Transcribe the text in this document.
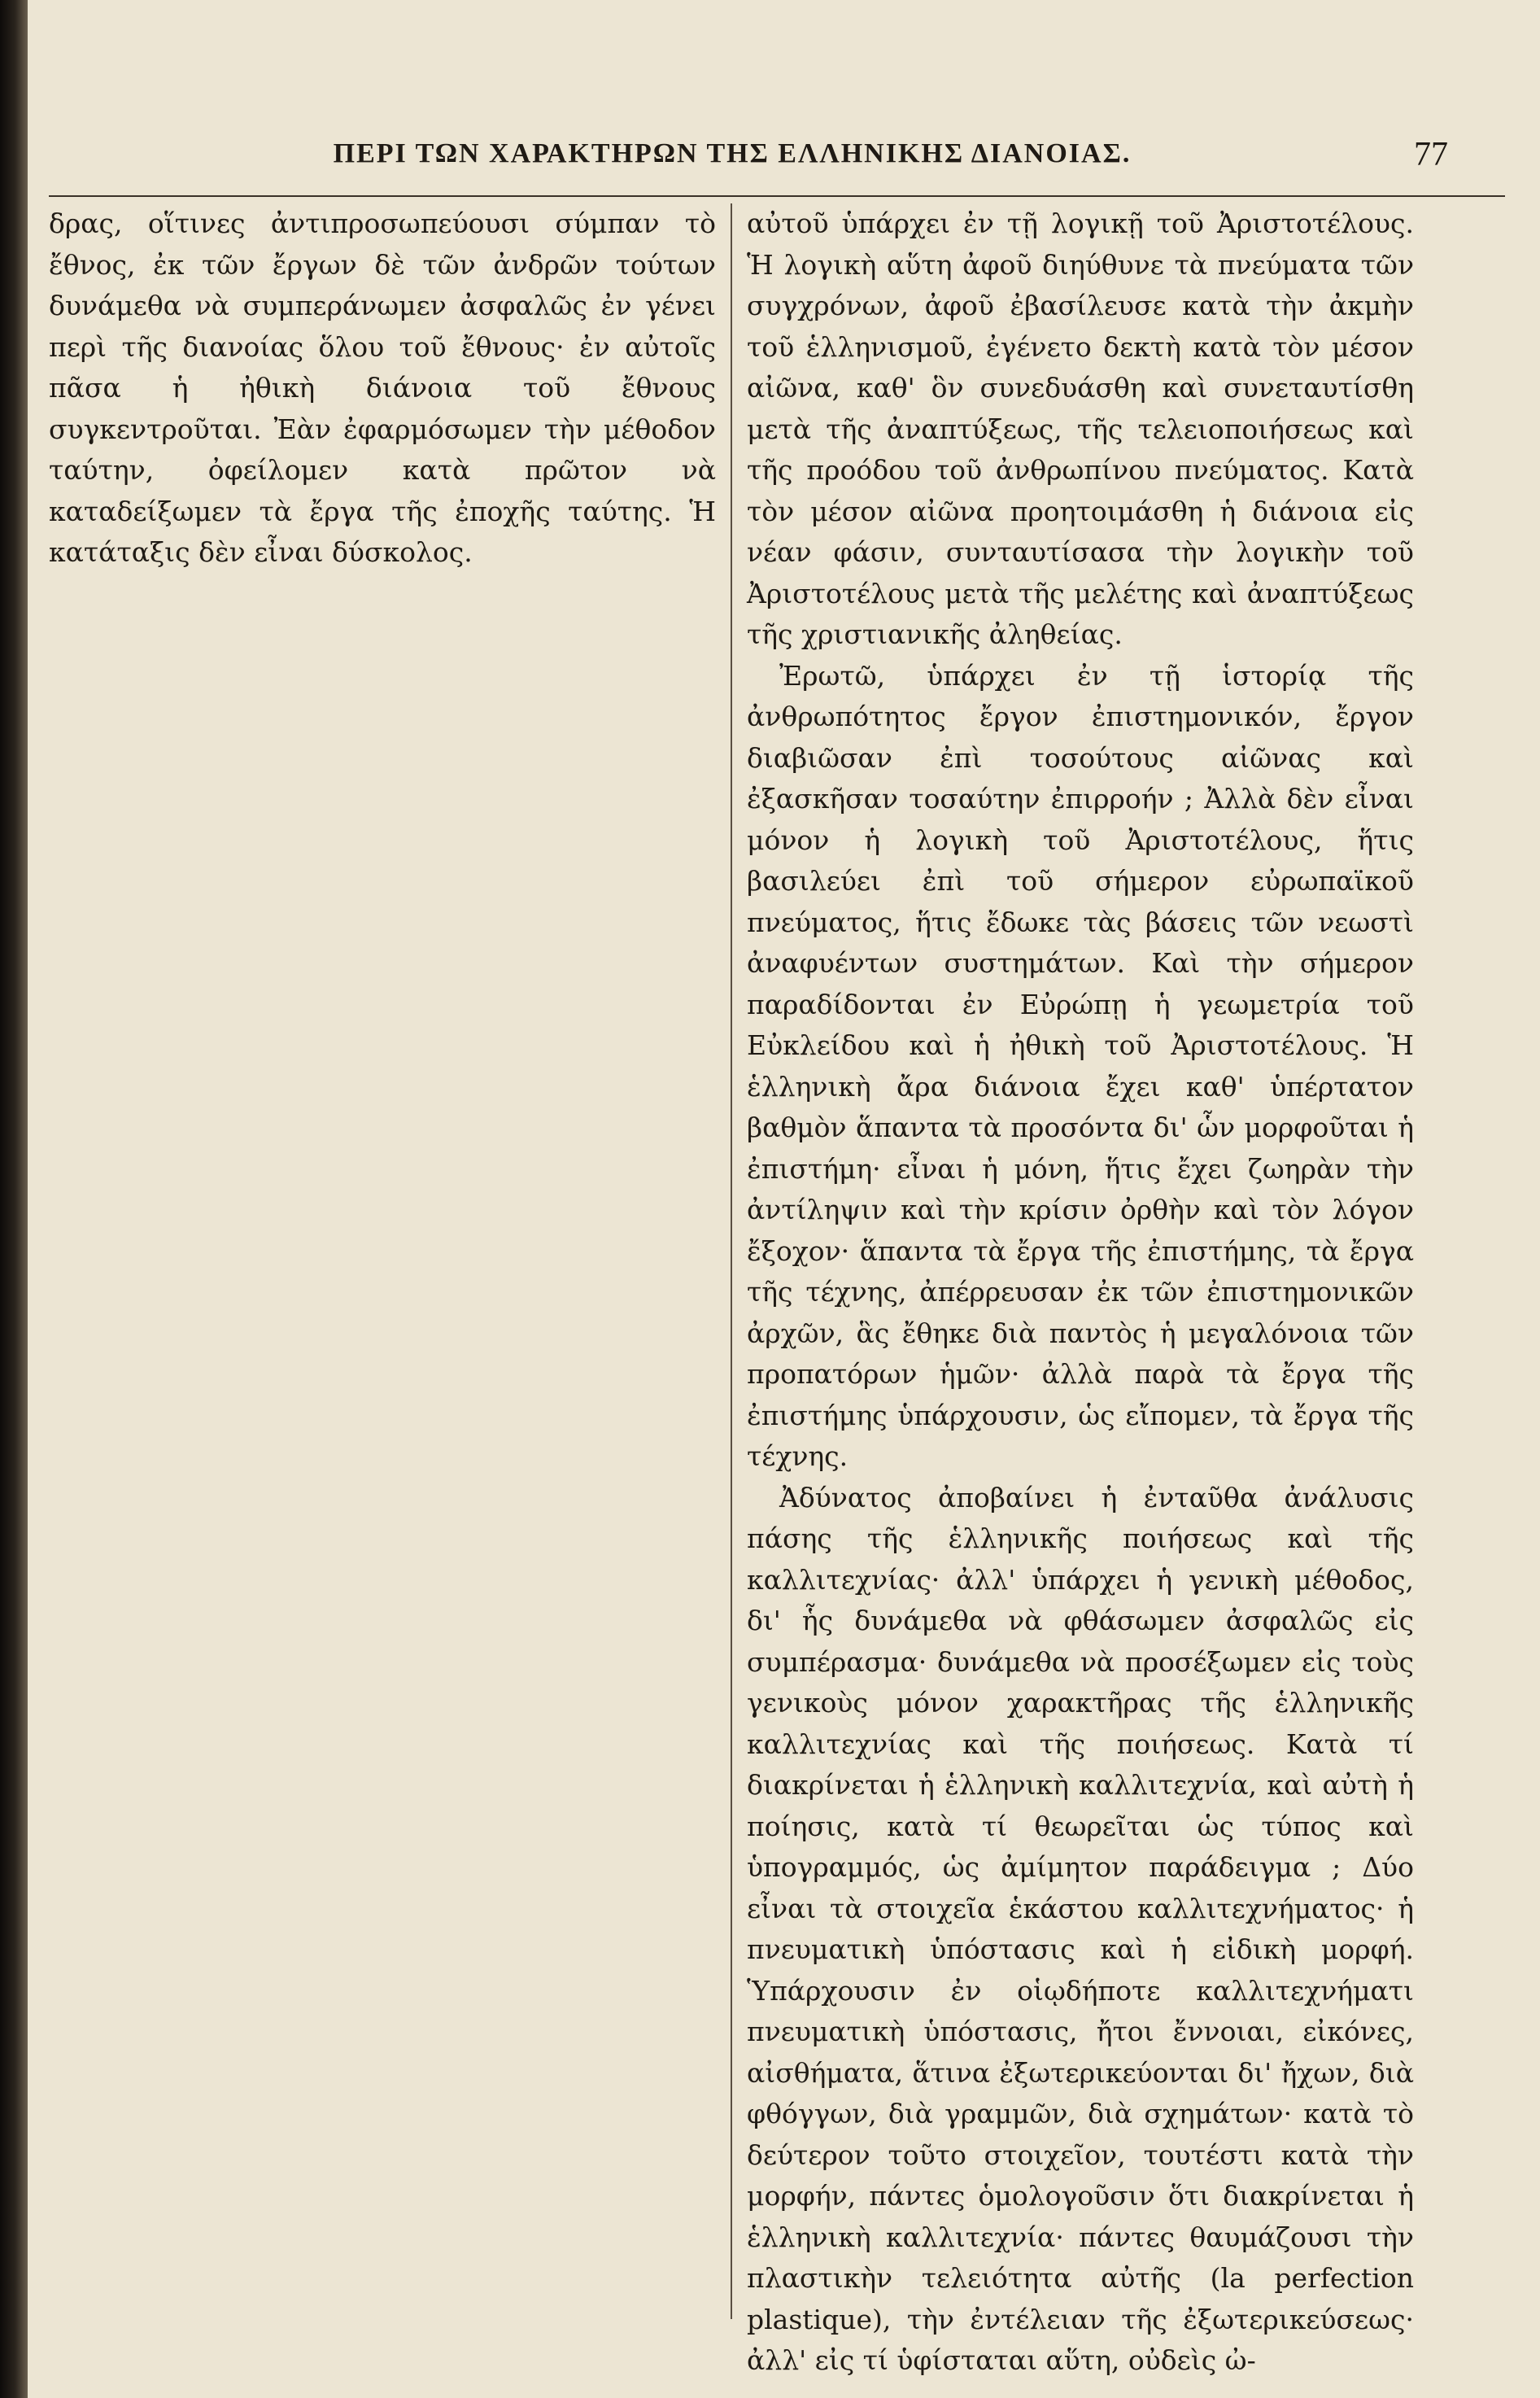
ΠΕΡΙ ΤΩΝ ΧΑΡΑΚΤΗΡΩΝ ΤΗΣ ΕΛΛΗΝΙΚΗΣ ΔΙΑΝΟΙΑΣ.	77

δρας, οἵτινες ἀντιπροσωπεύουσι σύμπαν τὸ ἔθνος, ἐκ τῶν ἔργων δὲ τῶν ἀνδρῶν τούτων δυνάμεθα νὰ συμπεράνωμεν ἀσφαλῶς ἐν γένει περὶ τῆς διανοίας ὅλου τοῦ ἔθνους· ἐν αὐτοῖς πᾶσα ἡ ἠθικὴ διάνοια τοῦ ἔθνους συγκεντροῦται. Ἐὰν ἐφαρμόσωμεν τὴν μέθοδον ταύτην, ὀφείλομεν κατὰ πρῶτον νὰ καταδείξωμεν τὰ ἔργα τῆς ἐποχῆς ταύτης. Ἡ κατάταξις δὲν εἶναι δύσκολος.

αὐτοῦ ὑπάρχει ἐν τῇ λογικῇ τοῦ Ἀριστοτέλους. Ἡ λογικὴ αὕτη ἀφοῦ διηύθυνε τὰ πνεύματα τῶν συγχρόνων, ἀφοῦ ἐβασίλευσε κατὰ τὴν ἀκμὴν τοῦ ἑλληνισμοῦ, ἐγένετο δεκτὴ κατὰ τὸν μέσον αἰῶνα, καθ' ὃν συνεδυάσθη καὶ συνεταυτίσθη μετὰ τῆς ἀναπτύξεως, τῆς τελειοποιήσεως καὶ τῆς προόδου τοῦ ἀνθρωπίνου πνεύματος. Κατὰ τὸν μέσον αἰῶνα προητοιμάσθη ἡ διάνοια εἰς νέαν φάσιν, συνταυτίσασα τὴν λογικὴν τοῦ Ἀριστοτέλους μετὰ τῆς μελέτης καὶ ἀναπτύξεως τῆς χριστιανικῆς ἀληθείας.

Ἐρωτῶ, ὑπάρχει ἐν τῇ ἱστορίᾳ τῆς ἀνθρωπότητος ἔργον ἐπιστημονικόν, ἔργον διαβιῶσαν ἐπὶ τοσούτους αἰῶνας καὶ ἐξασκῆσαν τοσαύτην ἐπιρροήν ; Ἀλλὰ δὲν εἶναι μόνον ἡ λογικὴ τοῦ Ἀριστοτέλους, ἥτις βασιλεύει ἐπὶ τοῦ σήμερον εὐρωπαϊκοῦ πνεύματος, ἥτις ἔδωκε τὰς βάσεις τῶν νεωστὶ ἀναφυέντων συστημάτων. Καὶ τὴν σήμερον παραδίδονται ἐν Εὐρώπῃ ἡ γεωμετρία τοῦ Εὐκλείδου καὶ ἡ ἠθικὴ τοῦ Ἀριστοτέλους. Ἡ ἑλληνικὴ ἄρα διάνοια ἔχει καθ' ὑπέρτατον βαθμὸν ἅπαντα τὰ προσόντα δι' ὧν μορφοῦται ἡ ἐπιστήμη· εἶναι ἡ μόνη, ἥτις ἔχει ζωηρὰν τὴν ἀντίληψιν καὶ τὴν κρίσιν ὀρθὴν καὶ τὸν λόγον ἔξοχον· ἅπαντα τὰ ἔργα τῆς ἐπιστήμης, τὰ ἔργα τῆς τέχνης, ἀπέρρευσαν ἐκ τῶν ἐπιστημονικῶν ἀρχῶν, ἃς ἔθηκε διὰ παντὸς ἡ μεγαλόνοια τῶν προπατόρων ἡμῶν· ἀλλὰ παρὰ τὰ ἔργα τῆς ἐπιστήμης ὑπάρχουσιν, ὡς εἴπομεν, τὰ ἔργα τῆς τέχνης.

Ἀδύνατος ἀποβαίνει ἡ ἐνταῦθα ἀνάλυσις πάσης τῆς ἑλληνικῆς ποιήσεως καὶ τῆς καλλιτεχνίας· ἀλλ' ὑπάρχει ἡ γενικὴ μέθοδος, δι' ἧς δυνάμεθα νὰ φθάσωμεν ἀσφαλῶς εἰς συμπέρασμα· δυνάμεθα νὰ προσέξωμεν εἰς τοὺς γενικοὺς μόνον χαρακτῆρας τῆς ἑλληνικῆς καλλιτεχνίας καὶ τῆς ποιήσεως. Κατὰ τί διακρίνεται ἡ ἑλληνικὴ καλλιτεχνία, καὶ αὐτὴ ἡ ποίησις, κατὰ τί θεωρεῖται ὡς τύπος καὶ ὑπογραμμός, ὡς ἀμίμητον παράδειγμα ; Δύο εἶναι τὰ στοιχεῖα ἑκάστου καλλιτεχνήματος· ἡ πνευματικὴ ὑπόστασις καὶ ἡ εἰδικὴ μορφή. Ὑπάρχουσιν ἐν οἱῳδήποτε καλλιτεχνήματι πνευματικὴ ὑπόστασις, ἤτοι ἔννοιαι, εἰκόνες, αἰσθήματα, ἅτινα ἐξωτερικεύονται δι' ἤχων, διὰ φθόγγων, διὰ γραμμῶν, διὰ σχημάτων· κατὰ τὸ δεύτερον τοῦτο στοιχεῖον, τουτέστι κατὰ τὴν μορφήν, πάντες ὁμολογοῦσιν ὅτι διακρίνεται ἡ ἑλληνικὴ καλλιτεχνία· πάντες θαυμάζουσι τὴν πλαστικὴν τελειότητα αὐτῆς (la perfection plastique), τὴν ἐντέλειαν τῆς ἐξωτερικεύσεως· ἀλλ' εἰς τί ὑφίσταται αὕτη, οὐδεὶς ὠ-
